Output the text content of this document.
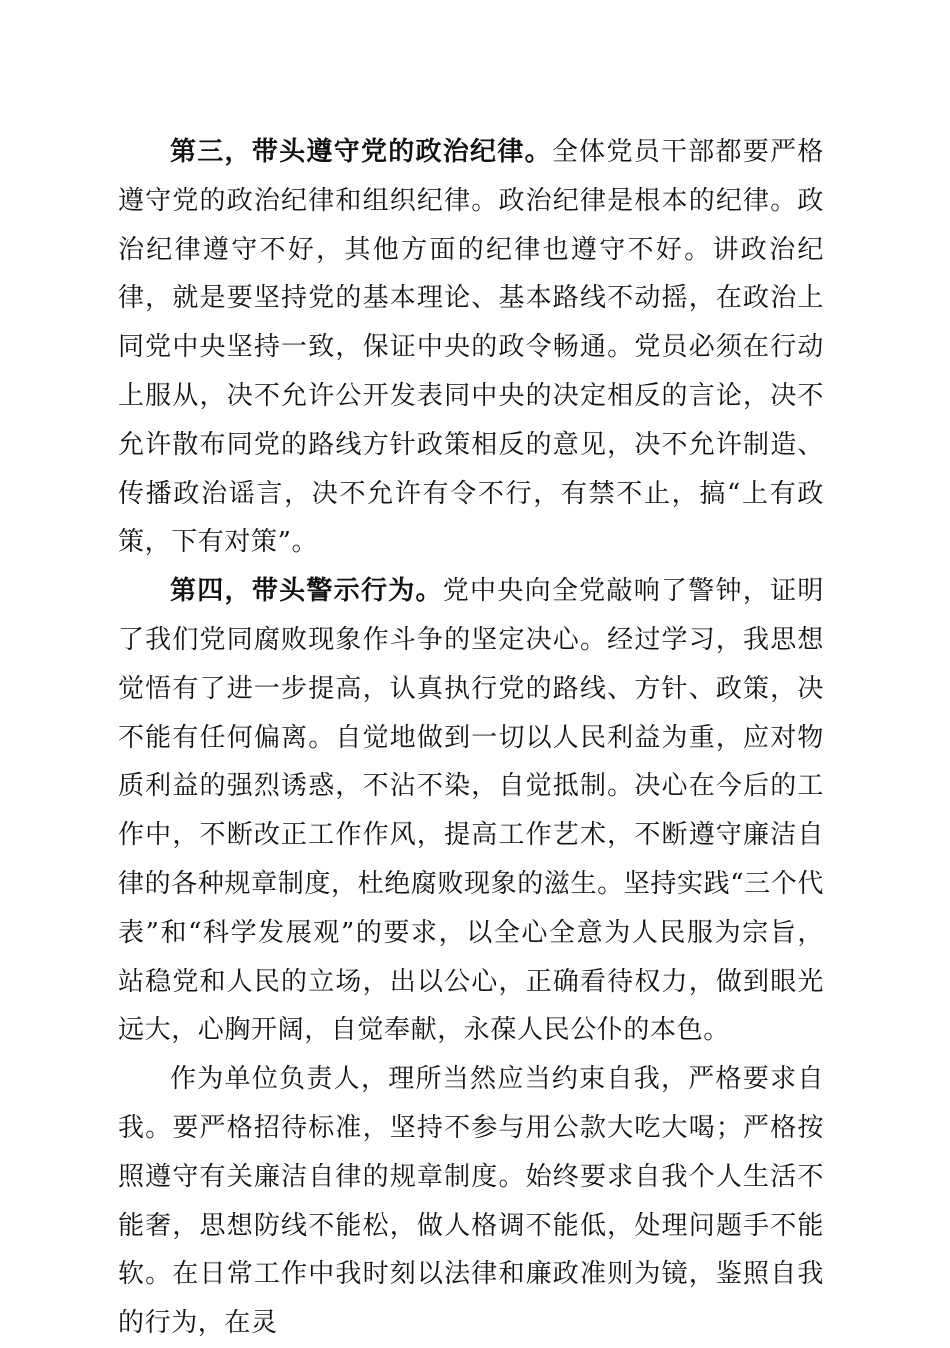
第三，带头遵守党的政治纪律。全体党员干部都要严格遵守党的政治纪律和组织纪律。政治纪律是根本的纪律。政治纪律遵守不好，其他方面的纪律也遵守不好。讲政治纪律，就是要坚持党的基本理论、基本路线不动摇，在政治上同党中央坚持一致，保证中央的政令畅通。党员必须在行动上服从，决不允许公开发表同中央的决定相反的言论，决不允许散布同党的路线方针政策相反的意见，决不允许制造、传播政治谣言，决不允许有令不行，有禁不止，搞“上有政策，下有对策”。

第四，带头警示行为。党中央向全党敲响了警钟，证明了我们党同腐败现象作斗争的坚定决心。经过学习，我思想觉悟有了进一步提高，认真执行党的路线、方针、政策，决不能有任何偏离。自觉地做到一切以人民利益为重，应对物质利益的强烈诱惑，不沾不染，自觉抵制。决心在今后的工作中，不断改正工作作风，提高工作艺术，不断遵守廉洁自律的各种规章制度，杜绝腐败现象的滋生。坚持实践“三个代表”和“科学发展观”的要求，以全心全意为人民服为宗旨，站稳党和人民的立场，出以公心，正确看待权力，做到眼光远大，心胸开阔，自觉奉献，永葆人民公仆的本色。

作为单位负责人，理所当然应当约束自我，严格要求自我。要严格招待标准，坚持不参与用公款大吃大喝；严格按照遵守有关廉洁自律的规章制度。始终要求自我个人生活不能奢，思想防线不能松，做人格调不能低，处理问题手不能软。在日常工作中我时刻以法律和廉政准则为镜，鉴照自我的行为，在灵
